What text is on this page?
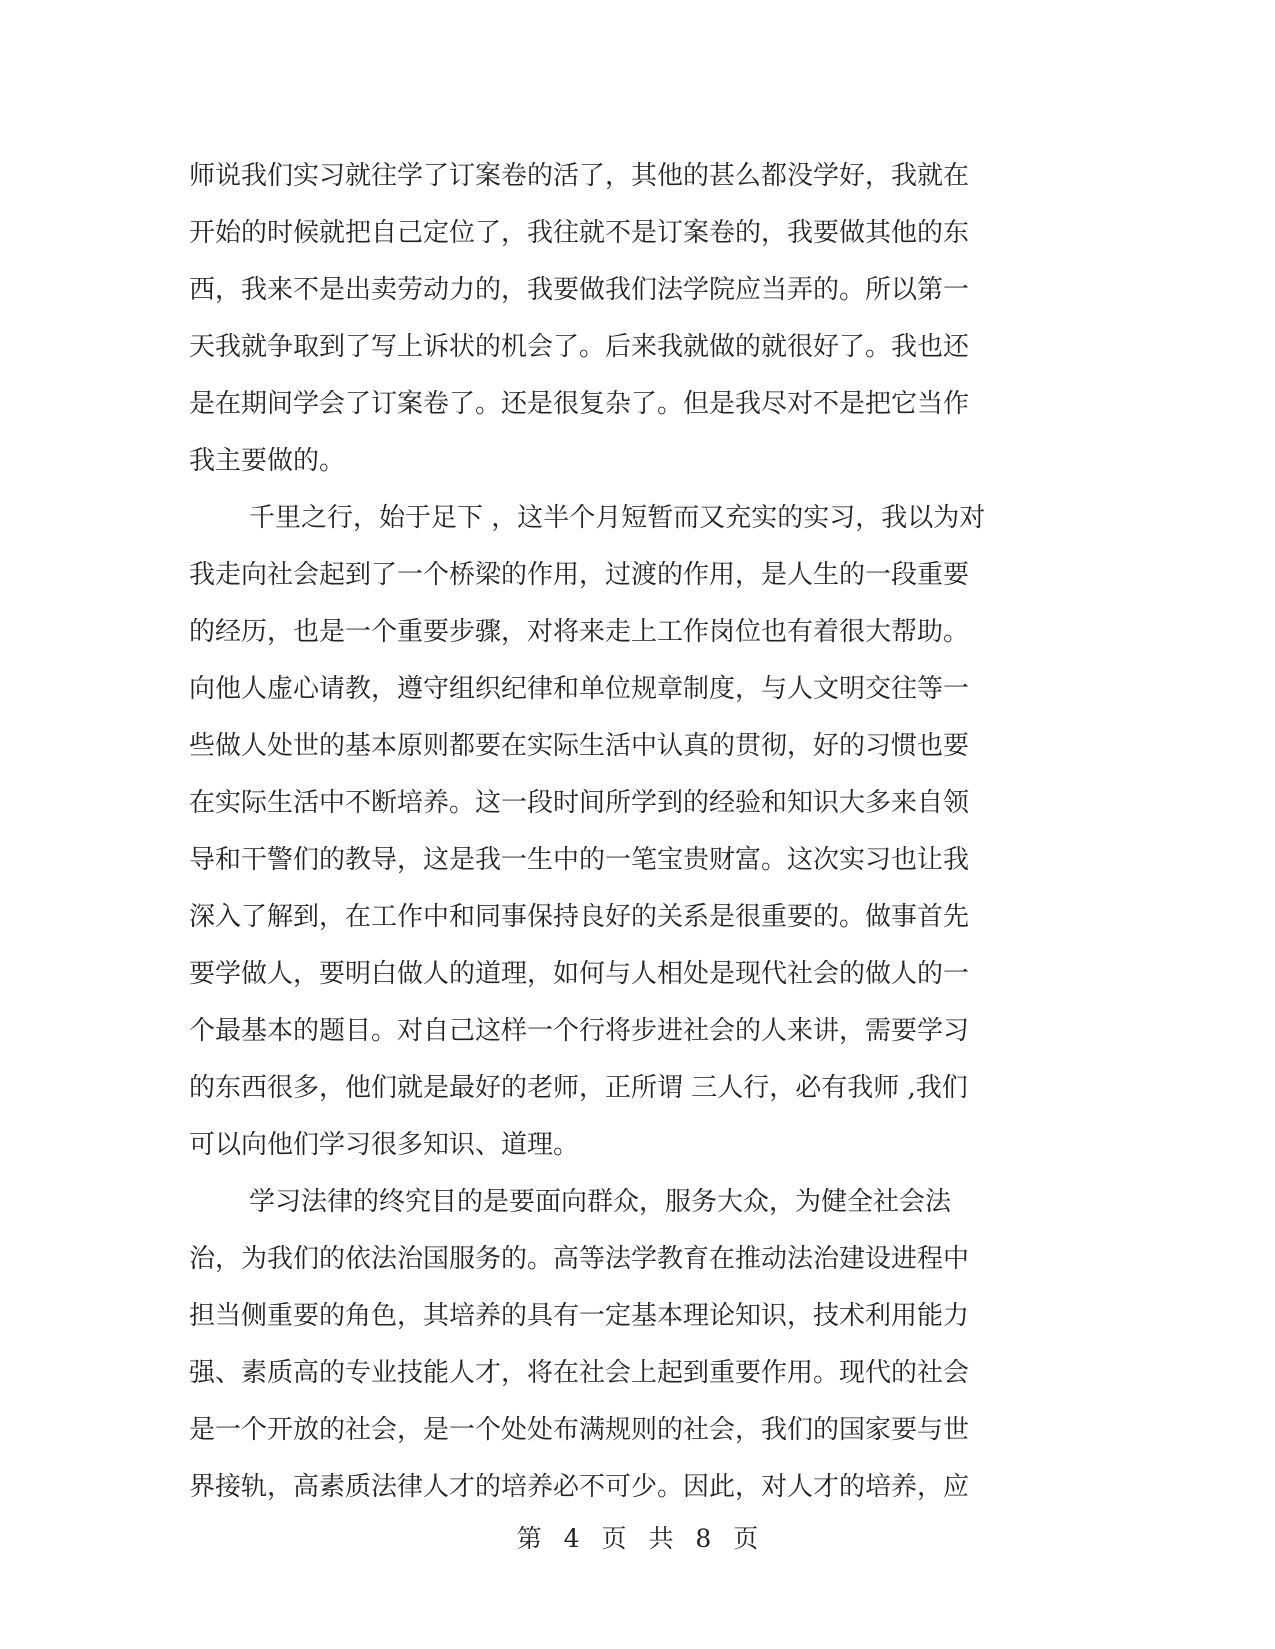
师说我们实习就往学了订案卷的活了，其他的甚么都没学好，我就在
开始的时候就把自己定位了，我往就不是订案卷的，我要做其他的东
西，我来不是出卖劳动力的，我要做我们法学院应当弄的。所以第一
天我就争取到了写上诉状的机会了。后来我就做的就很好了。我也还
是在期间学会了订案卷了。还是很复杂了。但是我尽对不是把它当作
我主要做的。
千里之行，始于足下 ，这半个月短暂而又充实的实习，我以为对
我走向社会起到了一个桥梁的作用，过渡的作用，是人生的一段重要
的经历，也是一个重要步骤，对将来走上工作岗位也有着很大帮助。
向他人虚心请教，遵守组织纪律和单位规章制度，与人文明交往等一
些做人处世的基本原则都要在实际生活中认真的贯彻，好的习惯也要
在实际生活中不断培养。这一段时间所学到的经验和知识大多来自领
导和干警们的教导，这是我一生中的一笔宝贵财富。这次实习也让我
深入了解到，在工作中和同事保持良好的关系是很重要的。做事首先
要学做人，要明白做人的道理，如何与人相处是现代社会的做人的一
个最基本的题目。对自己这样一个行将步进社会的人来讲，需要学习
的东西很多，他们就是最好的老师，正所谓 三人行，必有我师 ,我们
可以向他们学习很多知识、道理。
学习法律的终究目的是要面向群众，服务大众，为健全社会法
治，为我们的依法治国服务的。高等法学教育在推动法治建设进程中
担当侧重要的角色，其培养的具有一定基本理论知识，技术利用能力
强、素质高的专业技能人才，将在社会上起到重要作用。现代的社会
是一个开放的社会，是一个处处布满规则的社会，我们的国家要与世
界接轨，高素质法律人才的培养必不可少。因此，对人才的培养，应
第 4 页 共 8 页
